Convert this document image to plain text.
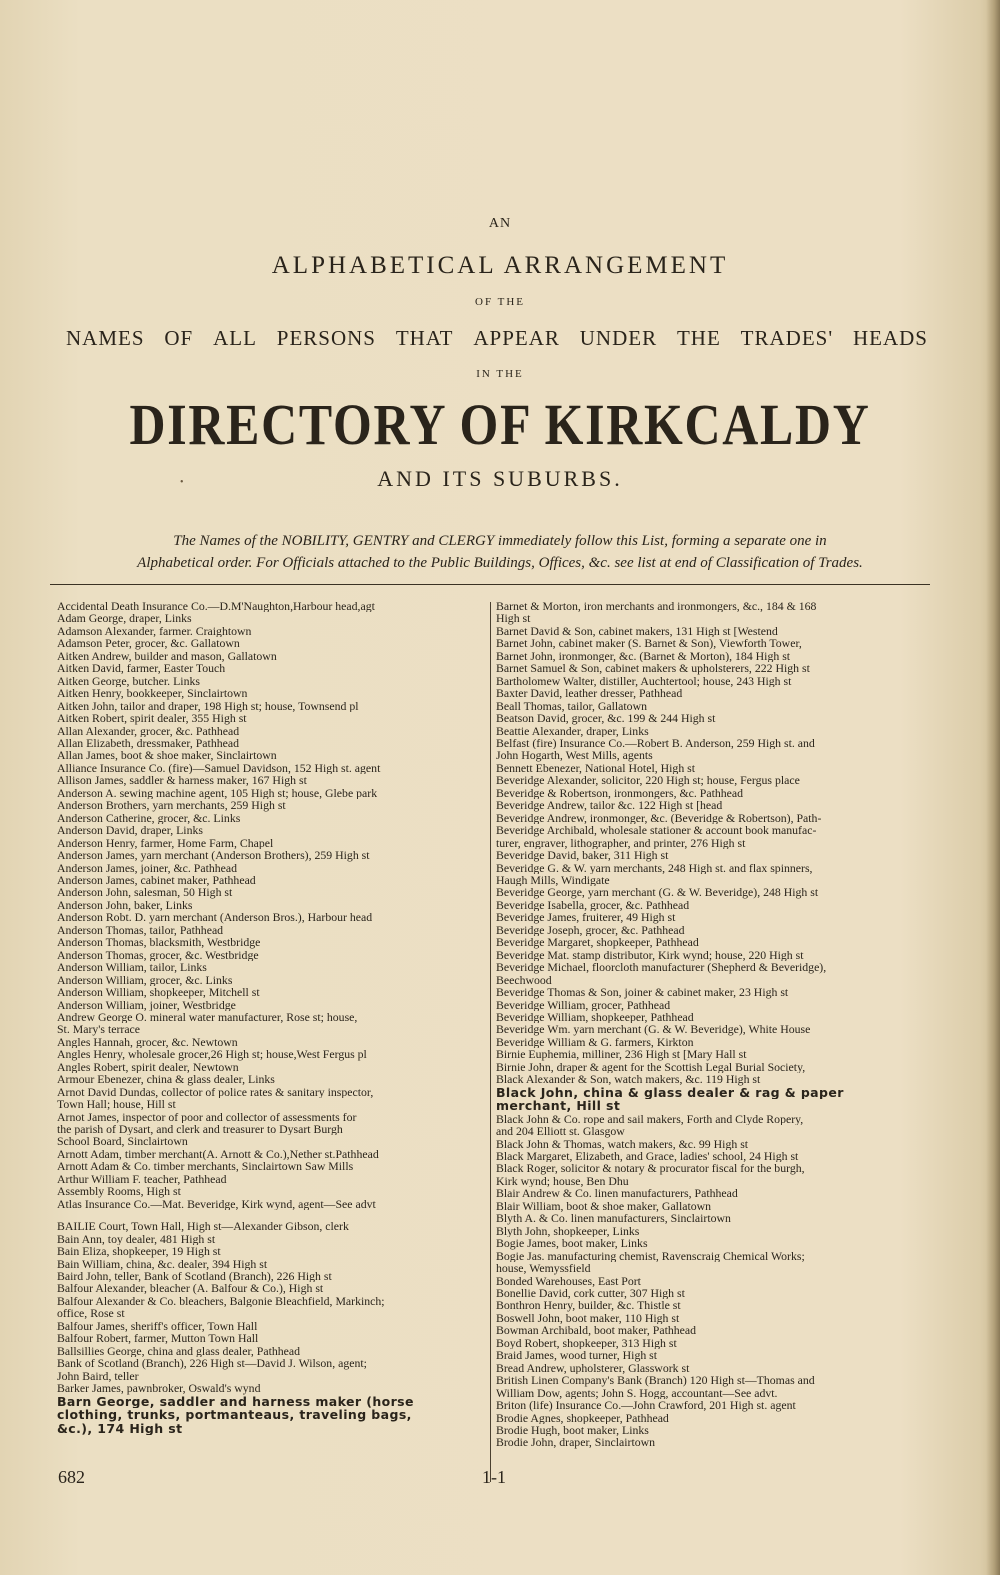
AN
ALPHABETICAL ARRANGEMENT
OF THE
NAMES OF ALL PERSONS THAT APPEAR UNDER THE TRADES' HEADS
IN THE
DIRECTORY OF KIRKCALDY
•	AND ITS SUBURBS.
The Names of the NOBILITY, GENTRY and CLERGY immediately follow this List, forming a separate one in
Alphabetical order. For Officials attached to the Public Buildings, Offices, &c. see list at end of Classification of Trades.
Accidental Death Insurance Co.—D.M'Naughton,Harbour head,agt
Adam George, draper, Links
Adamson Alexander, farmer. Craightown
Adamson Peter, grocer, &c. Gallatown
Aitken Andrew, builder and mason, Gallatown
Aitken David, farmer, Easter Touch
Aitken George, butcher. Links
Aitken Henry, bookkeeper, Sinclairtown
Aitken John, tailor and draper, 198 High st; house, Townsend pl
Aitken Robert, spirit dealer, 355 High st
Allan Alexander, grocer, &c. Pathhead
Allan Elizabeth, dressmaker, Pathhead
Allan James, boot & shoe maker, Sinclairtown
Alliance Insurance Co. (fire)—Samuel Davidson, 152 High st. agent
Allison James, saddler & harness maker, 167 High st
Anderson A. sewing machine agent, 105 High st; house, Glebe park
Anderson Brothers, yarn merchants, 259 High st
Anderson Catherine, grocer, &c. Links
Anderson David, draper, Links
Anderson Henry, farmer, Home Farm, Chapel
Anderson James, yarn merchant (Anderson Brothers), 259 High st
Anderson James, joiner, &c. Pathhead
Anderson James, cabinet maker, Pathhead
Anderson John, salesman, 50 High st
Anderson John, baker, Links
Anderson Robt. D. yarn merchant (Anderson Bros.), Harbour head
Anderson Thomas, tailor, Pathhead
Anderson Thomas, blacksmith, Westbridge
Anderson Thomas, grocer, &c. Westbridge
Anderson William, tailor, Links
Anderson William, grocer, &c. Links
Anderson William, shopkeeper, Mitchell st
Anderson William, joiner, Westbridge
Andrew George O. mineral water manufacturer, Rose st; house,
St. Mary's terrace
Angles Hannah, grocer, &c. Newtown
Angles Henry, wholesale grocer,26 High st; house,West Fergus pl
Angles Robert, spirit dealer, Newtown
Armour Ebenezer, china & glass dealer, Links
Arnot David Dundas, collector of police rates & sanitary inspector,
Town Hall; house, Hill st
Arnot James, inspector of poor and collector of assessments for
the parish of Dysart, and clerk and treasurer to Dysart Burgh
School Board, Sinclairtown
Arnott Adam, timber merchant(A. Arnott & Co.),Nether st.Pathhead
Arnott Adam & Co. timber merchants, Sinclairtown Saw Mills
Arthur William F. teacher, Pathhead
Assembly Rooms, High st
Atlas Insurance Co.—Mat. Beveridge, Kirk wynd, agent—See advt
BAILIE Court, Town Hall, High st—Alexander Gibson, clerk
Bain Ann, toy dealer, 481 High st
Bain Eliza, shopkeeper, 19 High st
Bain William, china, &c. dealer, 394 High st
Baird John, teller, Bank of Scotland (Branch), 226 High st
Balfour Alexander, bleacher (A. Balfour & Co.), High st
Balfour Alexander & Co. bleachers, Balgonie Bleachfield, Markinch;
office, Rose st
Balfour James, sheriff's officer, Town Hall
Balfour Robert, farmer, Mutton Town Hall
Ballsillies George, china and glass dealer, Pathhead
Bank of Scotland (Branch), 226 High st—David J. Wilson, agent;
John Baird, teller
Barker James, pawnbroker, Oswald's wynd
Barn George, saddler and harness maker (horse
clothing, trunks, portmanteaus, traveling bags,
&c.), 174 High st
Barnet & Morton, iron merchants and ironmongers, &c., 184 & 168
High st
Barnet David & Son, cabinet makers, 131 High st [Westend
Barnet John, cabinet maker (S. Barnet & Son), Viewforth Tower,
Barnet John, ironmonger, &c. (Barnet & Morton), 184 High st
Barnet Samuel & Son, cabinet makers & upholsterers, 222 High st
Bartholomew Walter, distiller, Auchtertool; house, 243 High st
Baxter David, leather dresser, Pathhead
Beall Thomas, tailor, Gallatown
Beatson David, grocer, &c. 199 & 244 High st
Beattie Alexander, draper, Links
Belfast (fire) Insurance Co.—Robert B. Anderson, 259 High st. and
John Hogarth, West Mills, agents
Bennett Ebenezer, National Hotel, High st
Beveridge Alexander, solicitor, 220 High st; house, Fergus place
Beveridge & Robertson, ironmongers, &c. Pathhead
Beveridge Andrew, tailor &c. 122 High st [head
Beveridge Andrew, ironmonger, &c. (Beveridge & Robertson), Path-
Beveridge Archibald, wholesale stationer & account book manufac-
turer, engraver, lithographer, and printer, 276 High st
Beveridge David, baker, 311 High st
Beveridge G. & W. yarn merchants, 248 High st. and flax spinners,
Haugh Mills, Windigate
Beveridge George, yarn merchant (G. & W. Beveridge), 248 High st
Beveridge Isabella, grocer, &c. Pathhead
Beveridge James, fruiterer, 49 High st
Beveridge Joseph, grocer, &c. Pathhead
Beveridge Margaret, shopkeeper, Pathhead
Beveridge Mat. stamp distributor, Kirk wynd; house, 220 High st
Beveridge Michael, floorcloth manufacturer (Shepherd & Beveridge),
Beechwood
Beveridge Thomas & Son, joiner & cabinet maker, 23 High st
Beveridge William, grocer, Pathhead
Beveridge William, shopkeeper, Pathhead
Beveridge Wm. yarn merchant (G. & W. Beveridge), White House
Beveridge William & G. farmers, Kirkton
Birnie Euphemia, milliner, 236 High st [Mary Hall st
Birnie John, draper & agent for the Scottish Legal Burial Society,
Black Alexander & Son, watch makers, &c. 119 High st
Black John, china & glass dealer & rag & paper
merchant, Hill st
Black John & Co. rope and sail makers, Forth and Clyde Ropery,
and 204 Elliott st. Glasgow
Black John & Thomas, watch makers, &c. 99 High st
Black Margaret, Elizabeth, and Grace, ladies' school, 24 High st
Black Roger, solicitor & notary & procurator fiscal for the burgh,
Kirk wynd; house, Ben Dhu
Blair Andrew & Co. linen manufacturers, Pathhead
Blair William, boot & shoe maker, Gallatown
Blyth A. & Co. linen manufacturers, Sinclairtown
Blyth John, shopkeeper, Links
Bogie James, boot maker, Links
Bogie Jas. manufacturing chemist, Ravenscraig Chemical Works;
house, Wemyssfield
Bonded Warehouses, East Port
Bonellie David, cork cutter, 307 High st
Bonthron Henry, builder, &c. Thistle st
Boswell John, boot maker, 110 High st
Bowman Archibald, boot maker, Pathhead
Boyd Robert, shopkeeper, 313 High st
Braid James, wood turner, High st
Bread Andrew, upholsterer, Glasswork st
British Linen Company's Bank (Branch) 120 High st—Thomas and
William Dow, agents; John S. Hogg, accountant—See advt.
Briton (life) Insurance Co.—John Crawford, 201 High st. agent
Brodie Agnes, shopkeeper, Pathhead
Brodie Hugh, boot maker, Links
Brodie John, draper, Sinclairtown
682	1-1
